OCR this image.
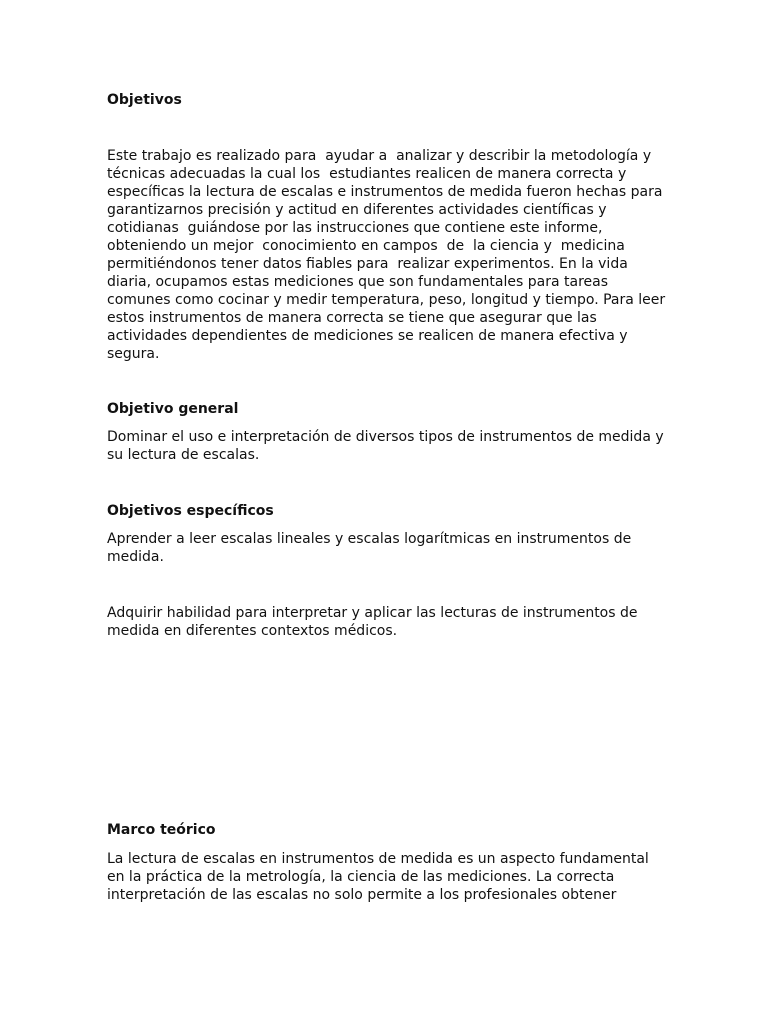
Objetivos
Este trabajo es realizado para  ayudar a  analizar y describir la metodología y
técnicas adecuadas la cual los  estudiantes realicen de manera correcta y
específicas la lectura de escalas e instrumentos de medida fueron hechas para
garantizarnos precisión y actitud en diferentes actividades científicas y
cotidianas  guiándose por las instrucciones que contiene este informe,
obteniendo un mejor  conocimiento en campos  de  la ciencia y  medicina
permitiéndonos tener datos fiables para  realizar experimentos. En la vida
diaria, ocupamos estas mediciones que son fundamentales para tareas
comunes como cocinar y medir temperatura, peso, longitud y tiempo. Para leer
estos instrumentos de manera correcta se tiene que asegurar que las
actividades dependientes de mediciones se realicen de manera efectiva y
segura.
Objetivo general
Dominar el uso e interpretación de diversos tipos de instrumentos de medida y
su lectura de escalas.
Objetivos específicos
Aprender a leer escalas lineales y escalas logarítmicas en instrumentos de
medida.
Adquirir habilidad para interpretar y aplicar las lecturas de instrumentos de
medida en diferentes contextos médicos.
Marco teórico
La lectura de escalas en instrumentos de medida es un aspecto fundamental
en la práctica de la metrología, la ciencia de las mediciones. La correcta
interpretación de las escalas no solo permite a los profesionales obtener
